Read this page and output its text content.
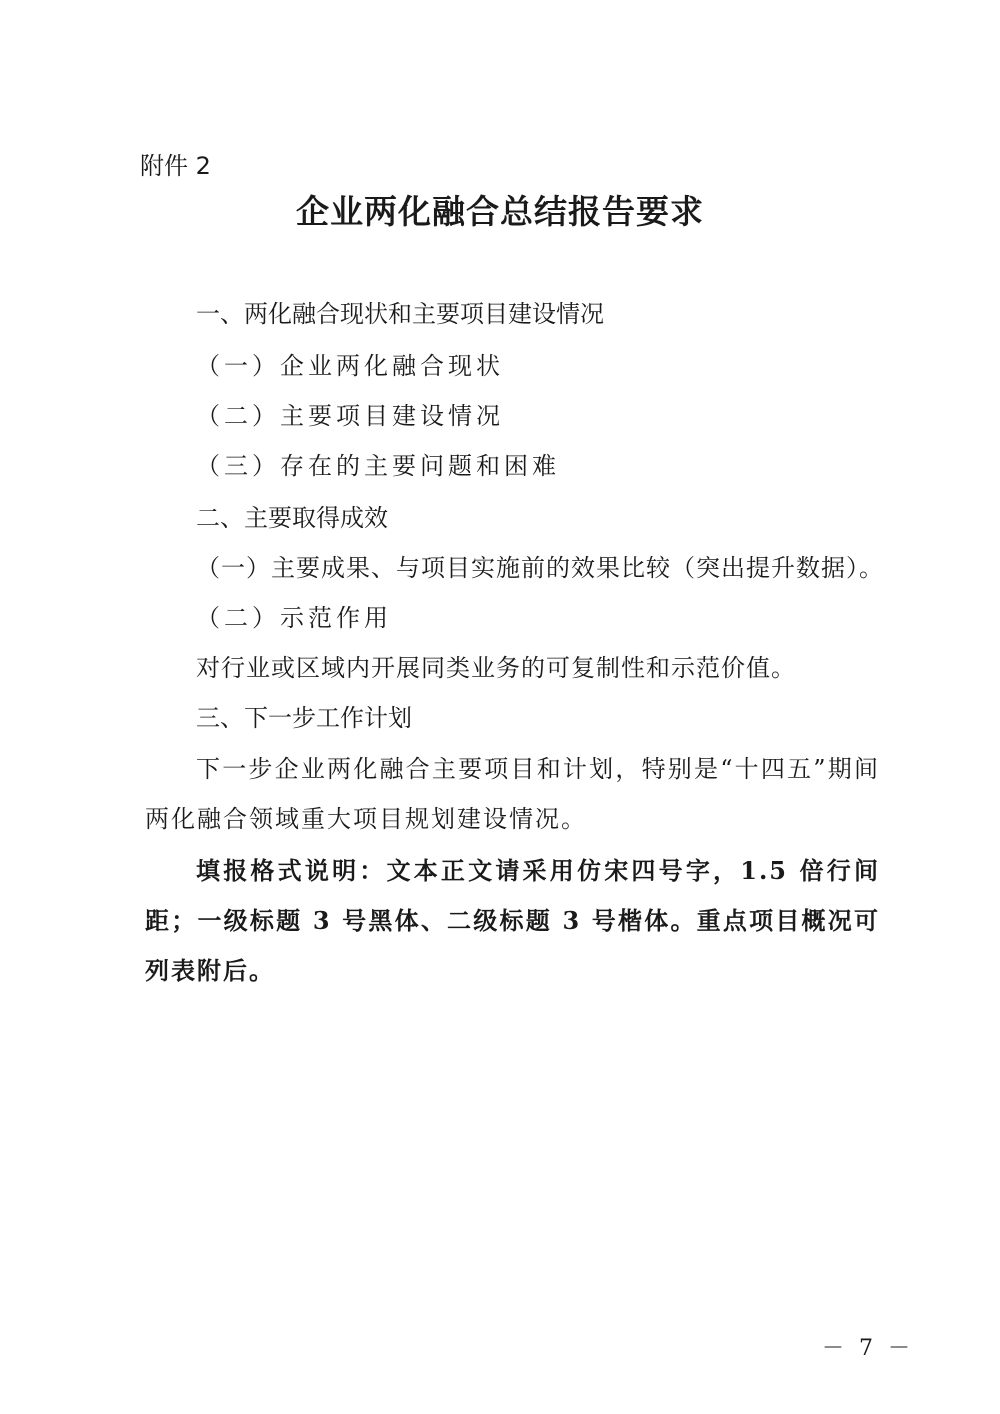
附件 2
企业两化融合总结报告要求
一、两化融合现状和主要项目建设情况
（一）企业两化融合现状
（二）主要项目建设情况
（三）存在的主要问题和困难
二、主要取得成效
（一）主要成果、与项目实施前的效果比较（突出提升数据）。
（二）示范作用
对行业或区域内开展同类业务的可复制性和示范价值。
三、下一步工作计划
下一步企业两化融合主要项目和计划，特别是“十四五”期间两化融合领域重大项目规划建设情况。
填报格式说明：文本正文请采用仿宋四号字，1.5 倍行间距；一级标题 3 号黑体、二级标题 3 号楷体。重点项目概况可列表附后。
－ 7 －
